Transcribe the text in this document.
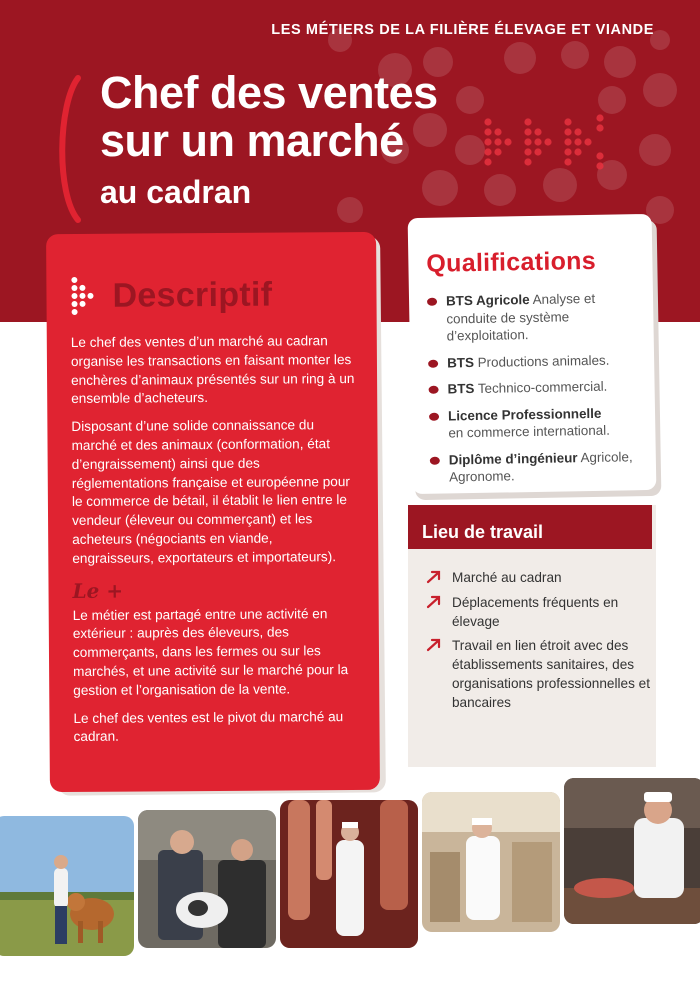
LES MÉTIERS DE LA FILIÈRE ÉLEVAGE ET VIANDE
Chef des ventes
sur un marché
au cadran
Descriptif

Le chef des ventes d’un marché au cadran organise les transactions en faisant monter les enchères d’animaux présentés sur un ring à un ensemble d’acheteurs.

Disposant d’une solide connaissance du marché et des animaux (conformation, état d’engraissement) ainsi que des réglementations française et européenne pour le commerce de bétail, il établit le lien entre le vendeur (éleveur ou commerçant) et les acheteurs (négociants en viande, engraisseurs, exportateurs et importateurs).

Le +

Le métier est partagé entre une activité en extérieur : auprès des éleveurs, des commerçants, dans les fermes ou sur les marchés, et une activité sur le marché pour la gestion et l’organisation de la vente.

Le chef des ventes est le pivot du marché au cadran.

Qualifications
BTS Agricole Analyse et conduite de système d’exploitation.
BTS Productions animales.
BTS Technico-commercial.
Licence Professionnelle
en commerce international.
Diplôme d’ingénieur Agricole, Agronome.
Lieu de travail
Marché au cadran
Déplacements fréquents en élevage
Travail en lien étroit avec des établissements sanitaires, des organisations professionnelles et bancaires
